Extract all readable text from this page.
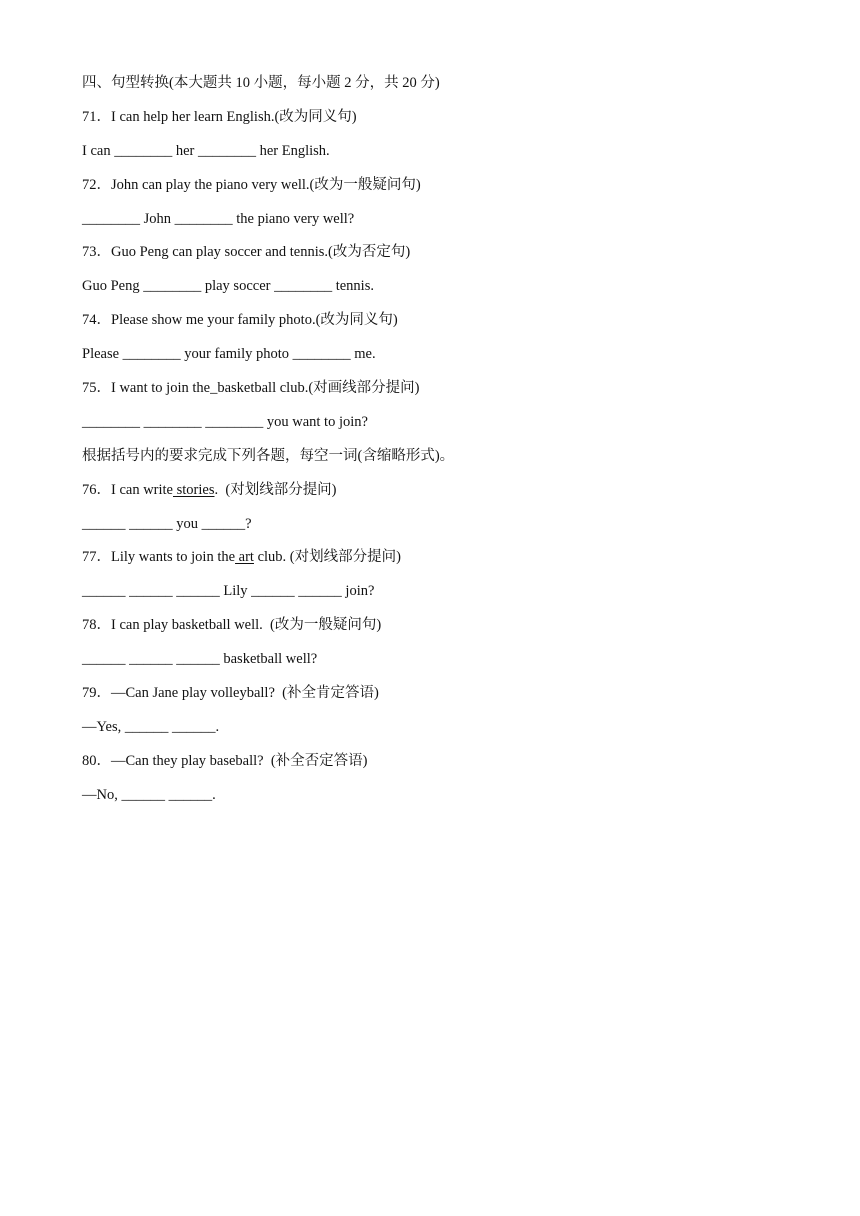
四、句型转换(本大题共 10 小题，每小题 2 分，共 20 分)
71．I can help her learn English.(改为同义句)
I can ________ her ________ her English.
72．John can play the piano very well.(改为一般疑问句)
________ John ________ the piano very well?
73．Guo Peng can play soccer and tennis.(改为否定句)
Guo Peng ________ play soccer ________ tennis.
74．Please show me your family photo.(改为同义句)
Please ________ your family photo ________ me.
75．I want to join the_basketball club.(对画线部分提问)
________ ________ ________ you want to join?
根据括号内的要求完成下列各题，每空一词(含缩略形式)。
76．I can write stories.  (对划线部分提问)
______ ______ you ______?
77．Lily wants to join the art club. (对划线部分提问)
______ ______ ______ Lily ______ ______ join?
78．I can play basketball well.  (改为一般疑问句)
______ ______ ______ basketball well?
79．—Can Jane play volleyball?  (补全肯定答语)
—Yes, ______ ______.
80．—Can they play baseball?  (补全否定答语)
—No, ______ ______.
